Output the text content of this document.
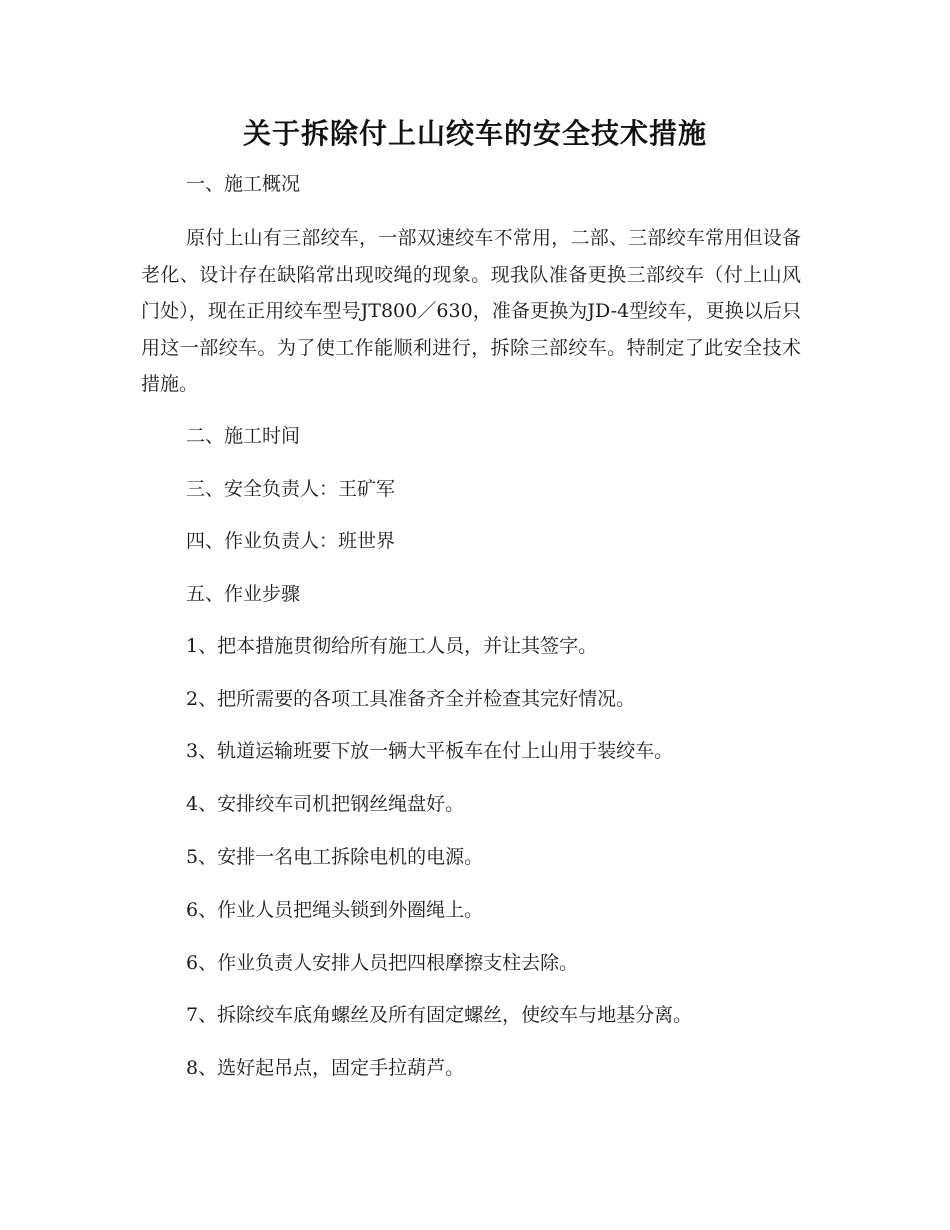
关于拆除付上山绞车的安全技术措施

一、施工概况

原付上山有三部绞车，一部双速绞车不常用，二部、三部绞车常用但设备老化、设计存在缺陷常出现咬绳的现象。现我队准备更换三部绞车（付上山风门处），现在正用绞车型号JT800／630，准备更换为JD-4型绞车，更换以后只用这一部绞车。为了使工作能顺利进行，拆除三部绞车。特制定了此安全技术措施。

二、施工时间

三、安全负责人：王矿军

四、作业负责人：班世界

五、作业步骤

1、把本措施贯彻给所有施工人员，并让其签字。

2、把所需要的各项工具准备齐全并检查其完好情况。

3、轨道运输班要下放一辆大平板车在付上山用于装绞车。

4、安排绞车司机把钢丝绳盘好。

5、安排一名电工拆除电机的电源。

6、作业人员把绳头锁到外圈绳上。

6、作业负责人安排人员把四根摩擦支柱去除。

7、拆除绞车底角螺丝及所有固定螺丝，使绞车与地基分离。

8、选好起吊点，固定手拉葫芦。
